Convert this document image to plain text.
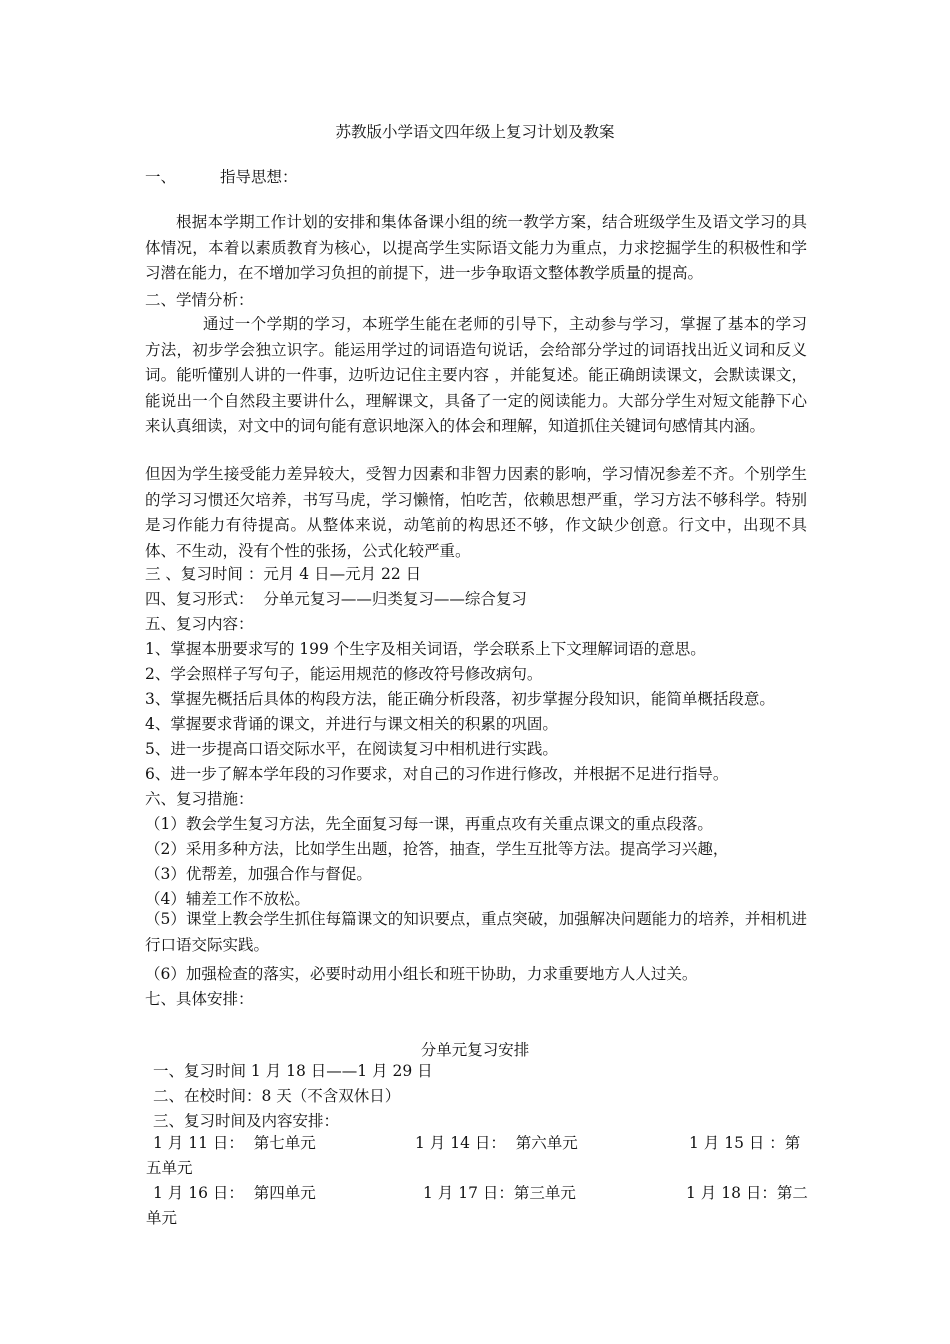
苏教版小学语文四年级上复习计划及教案
一、	指导思想：
根据本学期工作计划的安排和集体备课小组的统一教学方案，结合班级学生及语文学习的具体情况，本着以素质教育为核心，以提高学生实际语文能力为重点，力求挖掘学生的积极性和学习潜在能力，在不增加学习负担的前提下，进一步争取语文整体教学质量的提高。
二、学情分析：
通过一个学期的学习，本班学生能在老师的引导下，主动参与学习，掌握了基本的学习方法，初步学会独立识字。能运用学过的词语造句说话，会给部分学过的词语找出近义词和反义词。能听懂别人讲的一件事，边听边记住主要内容 ，并能复述。能正确朗读课文，会默读课文，能说出一个自然段主要讲什么，理解课文，具备了一定的阅读能力。大部分学生对短文能静下心来认真细读，对文中的词句能有意识地深入的体会和理解，知道抓住关键词句感情其内涵。
但因为学生接受能力差异较大，受智力因素和非智力因素的影响，学习情况参差不齐。个别学生的学习习惯还欠培养，书写马虎，学习懒惰，怕吃苦，依赖思想严重，学习方法不够科学。特别是习作能力有待提高。从整体来说，动笔前的构思还不够，作文缺少创意。行文中，出现不具体、不生动，没有个性的张扬，公式化较严重。
三 、复习时间 ：元月 4 日—元月 22 日
四、复习形式：  分单元复习——归类复习——综合复习
五、复习内容：
1、掌握本册要求写的 199 个生字及相关词语，学会联系上下文理解词语的意思。
2、学会照样子写句子，能运用规范的修改符号修改病句。
3、掌握先概括后具体的构段方法，能正确分析段落，初步掌握分段知识，能简单概括段意。
4、掌握要求背诵的课文，并进行与课文相关的积累的巩固。
5、进一步提高口语交际水平，在阅读复习中相机进行实践。
6、进一步了解本学年段的习作要求，对自己的习作进行修改，并根据不足进行指导。
六、复习措施：
（1）教会学生复习方法，先全面复习每一课，再重点攻有关重点课文的重点段落。
（2）采用多种方法，比如学生出题，抢答，抽查，学生互批等方法。提高学习兴趣，
（3）优帮差，加强合作与督促。
（4）辅差工作不放松。
（5）课堂上教会学生抓住每篇课文的知识要点，重点突破，加强解决问题能力的培养，并相机进行口语交际实践。
（6）加强检查的落实，必要时动用小组长和班干协助，力求重要地方人人过关。
七、具体安排：
分单元复习安排
一、复习时间 1 月 18 日——1 月 29 日
二、在校时间：8 天（不含双休日）
三、复习时间及内容安排：
1 月 11 日：  第七单元	1 月 14 日：  第六单元	1 月 15 日 ：第
五单元
1 月 16 日：  第四单元	1 月 17 日：第三单元	1 月 18 日：第二
单元
